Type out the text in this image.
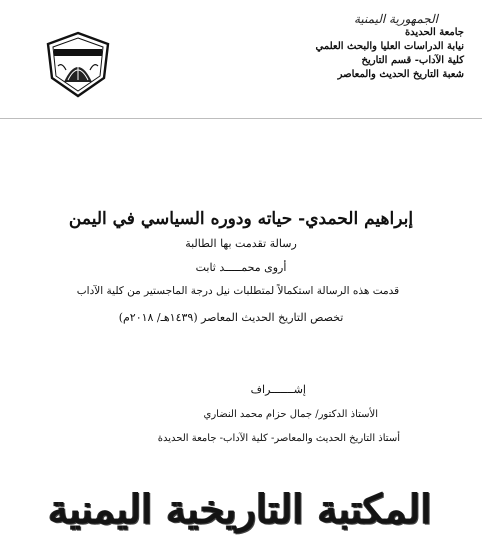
الجمهورية اليمنية
جامعة الحديدة
نيابة الدراسات العليا والبحث العلمي
كلية الآداب- قسم التاريخ
شعبة التاريخ الحديث والمعاصر
إبراهيم الحمدي- حياته ودوره السياسي في اليمن
رسالة تقدمت بها الطالبة
أروى محمـــــد ثابت
قدمت هذه الرسالة استكمالاً لمتطلبات نيل درجة الماجستير من كلية الآداب
تخصص التاريخ الحديث المعاصر (١٤٣٩هـ/ ٢٠١٨م)
إشـــــــراف
الأستاذ الدكتور/ جمال حزام محمد النضاري
أستاذ التاريخ الحديث والمعاصر- كلية الآداب- جامعة الحديدة
المكتبة التاريخية اليمنية
